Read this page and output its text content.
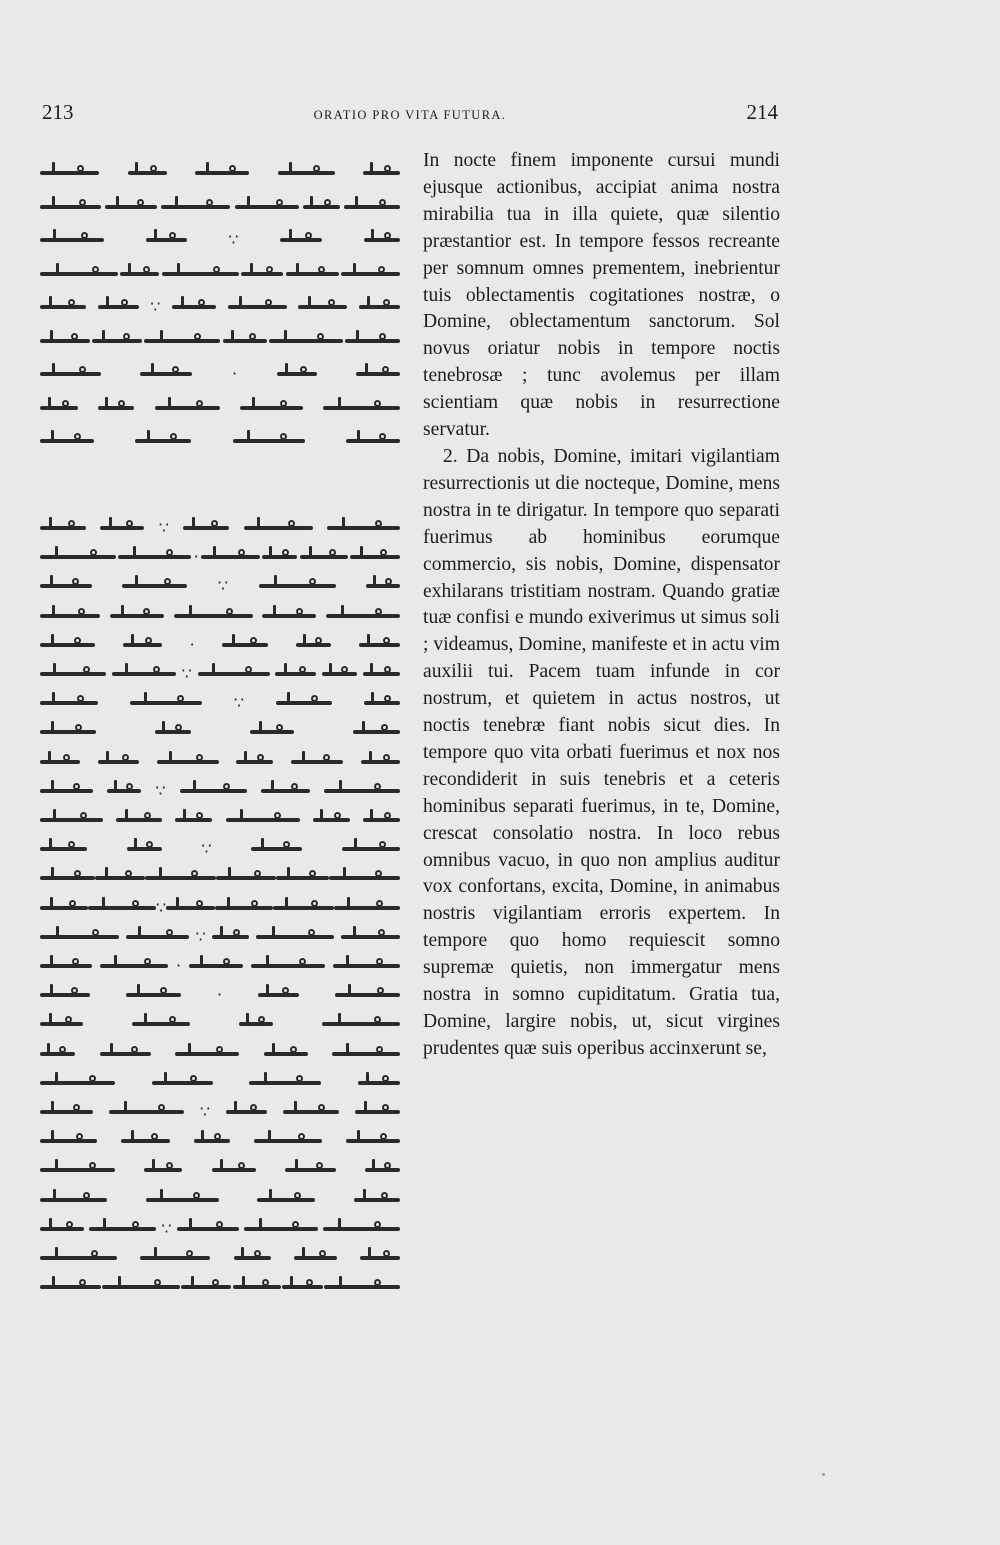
213	ORATIO PRO VITA FUTURA.	214
∵
∵
·
∵
·
∵
·
∵
∵
∵
∵
∵
∵
·
·
∵
∵

In nocte finem imponente cursui mundi ejusque actionibus, accipiat anima nostra mirabilia tua in illa quiete, quæ silentio præstantior est. In tempore fessos recreante per somnum omnes prementem, inebrientur tuis oblectamentis cogitationes nostræ, o Domine, oblectamentum sanctorum. Sol novus oriatur nobis in tempore noctis tenebrosæ ; tunc avolemus per illam scientiam quæ nobis in resurrectione servatur.

2. Da nobis, Domine, imitari vigilantiam resurrectionis ut die nocteque, Domine, mens nostra in te dirigatur. In tempore quo separati fuerimus ab hominibus eorumque commercio, sis nobis, Domine, dispensator exhilarans tristitiam nostram. Quando gratiæ tuæ confisi e mundo exiverimus ut simus soli ; videamus, Domine, manifeste et in actu vim auxilii tui. Pacem tuam infunde in cor nostrum, et quietem in actus nostros, ut noctis tenebræ fiant nobis sicut dies. In tempore quo vita orbati fuerimus et nox nos recondiderit in suis tenebris et a ceteris hominibus separati fuerimus, in te, Domine, crescat consolatio nostra. In loco rebus omnibus vacuo, in quo non amplius auditur vox confortans, excita, Domine, in animabus nostris vigilantiam erroris expertem. In tempore quo homo requiescit somno supremæ quietis, non immergatur mens nostra in somno cupiditatum. Gratia tua, Domine, largire nobis, ut, sicut virgines prudentes quæ suis operibus accinxerunt se,
